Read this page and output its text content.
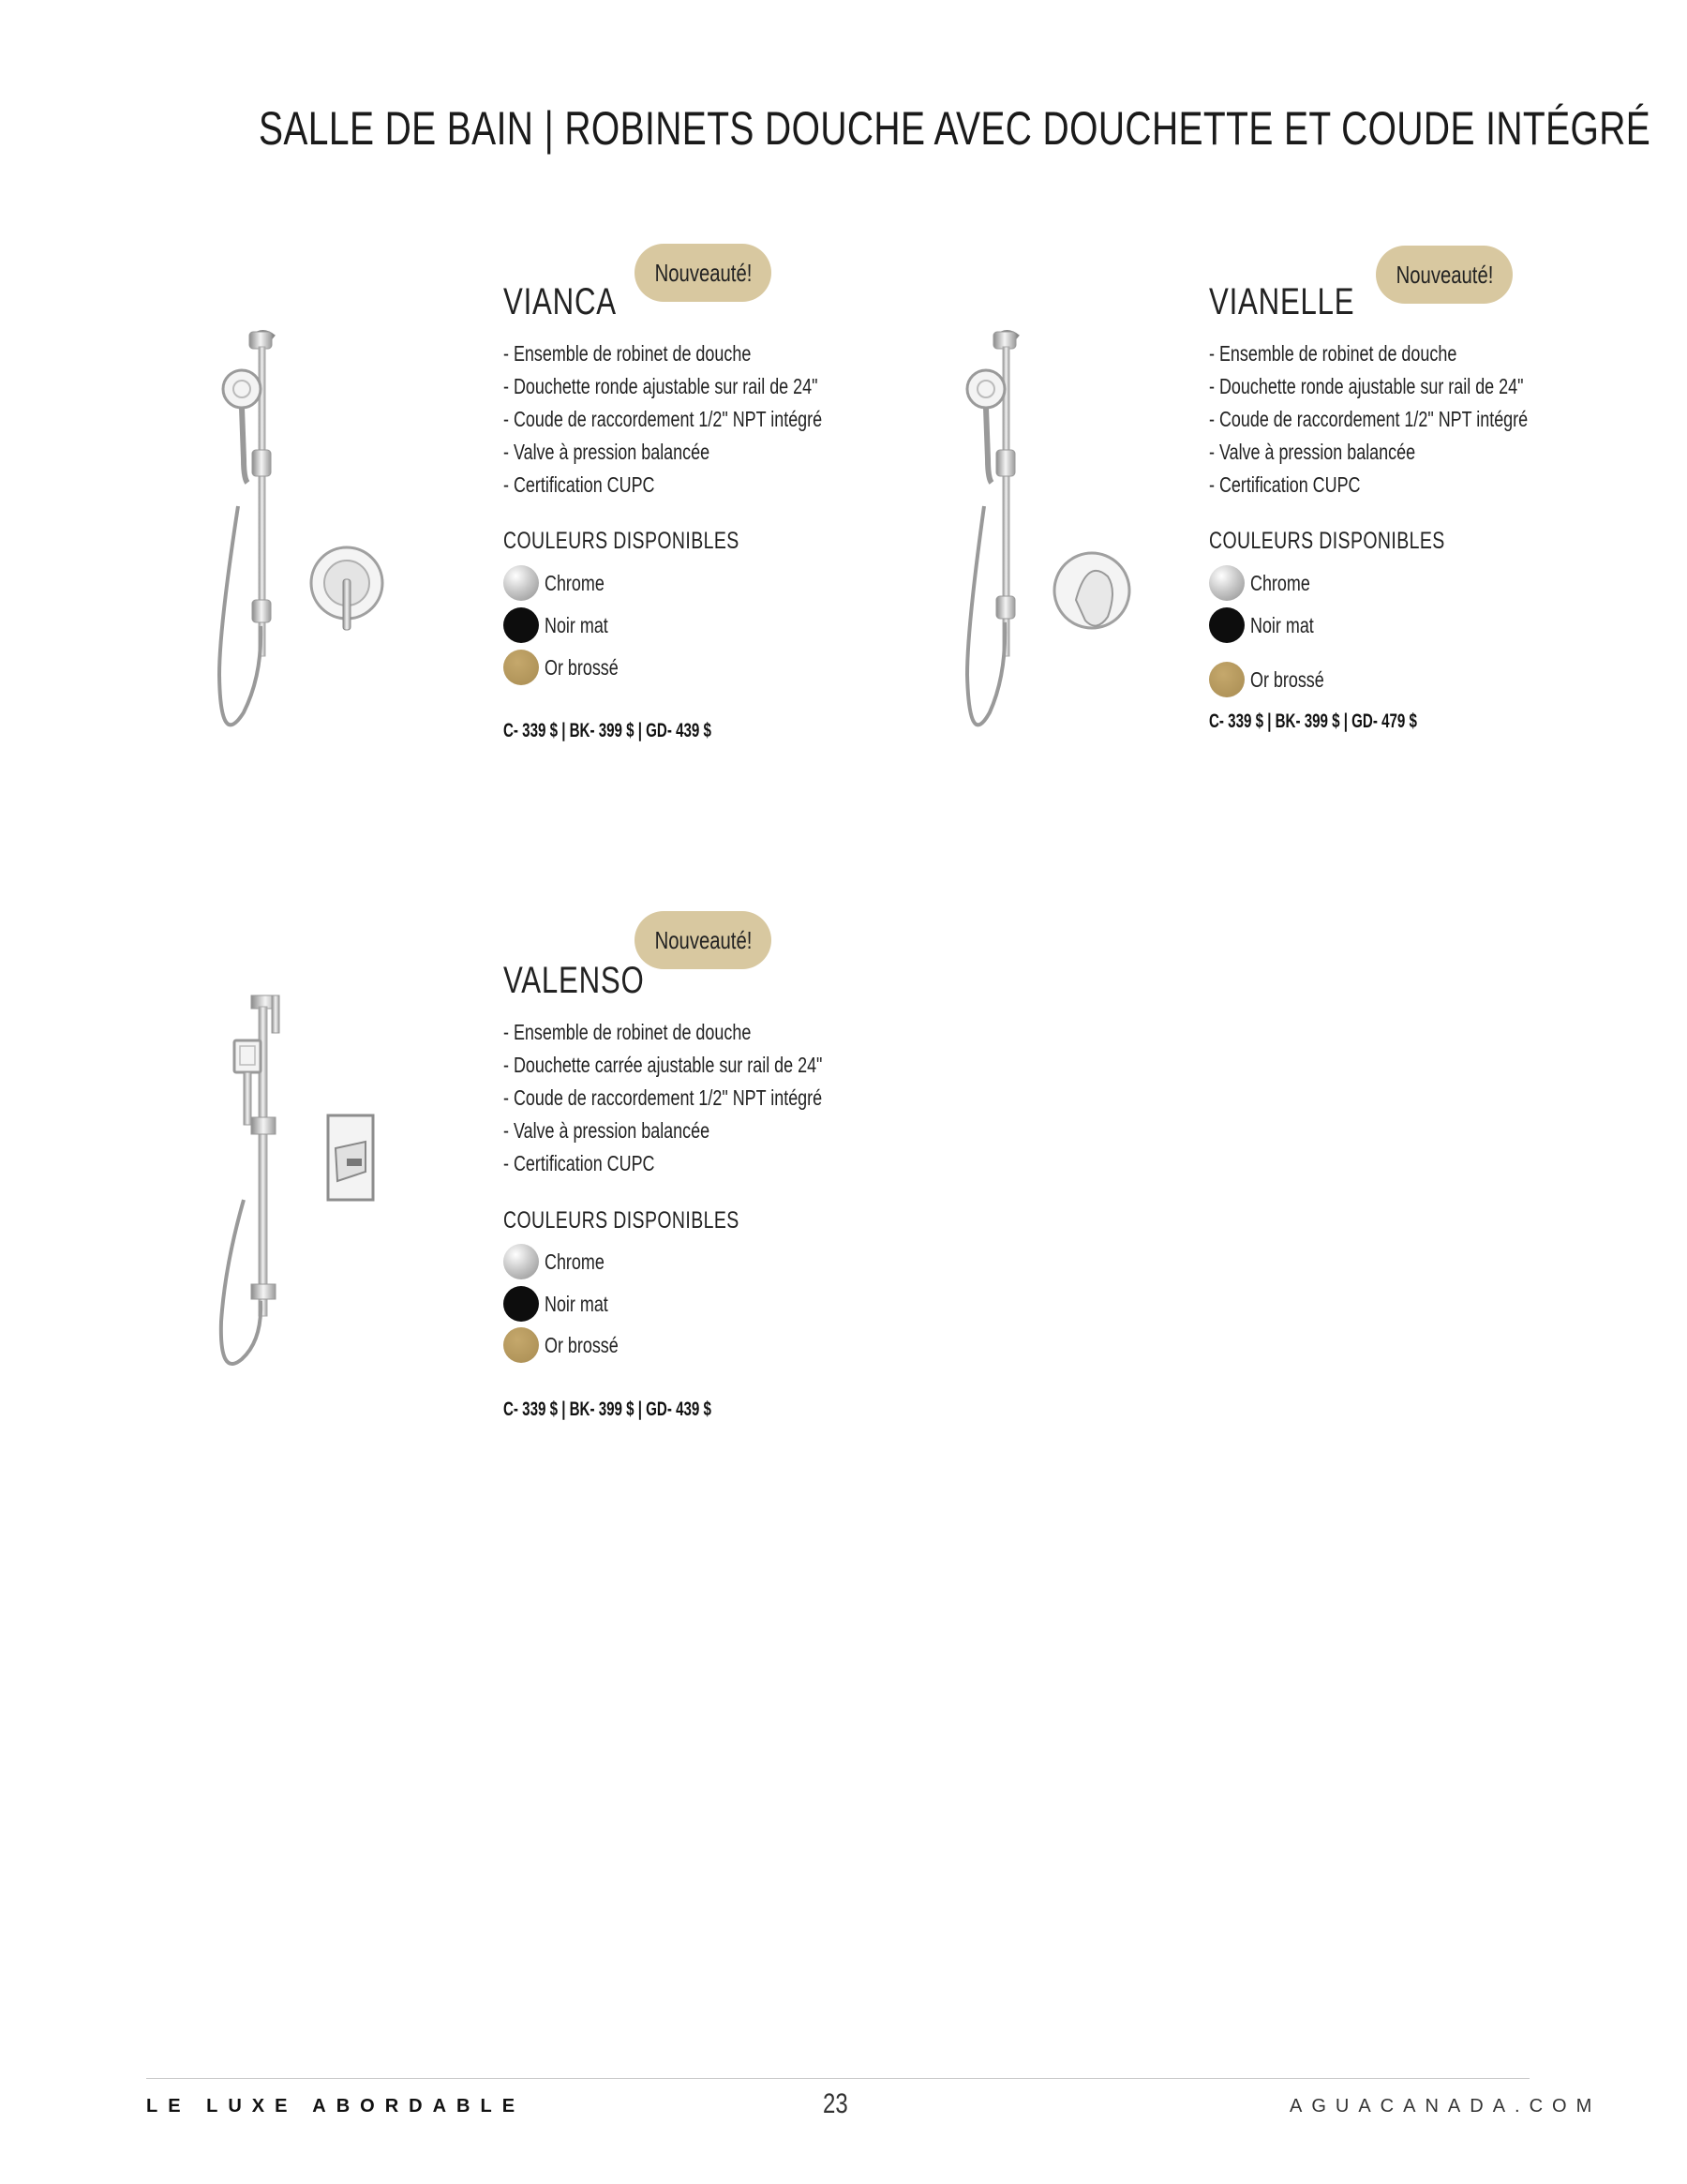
SALLE DE BAIN | ROBINETS DOUCHE AVEC DOUCHETTE ET COUDE INTÉGRÉ
Nouveauté!
VIANCA
- Ensemble de robinet de douche
- Douchette ronde ajustable sur rail de 24"
- Coude de raccordement 1/2" NPT intégré
- Valve à pression balancée
- Certification CUPC
COULEURS DISPONIBLES
Chrome
Noir mat
Or brossé
C- 339 $ | BK- 399 $ | GD- 439 $
Nouveauté!
VIANELLE
- Ensemble de robinet de douche
- Douchette ronde ajustable sur rail de 24"
- Coude de raccordement 1/2" NPT intégré
- Valve à pression balancée
- Certification CUPC
COULEURS DISPONIBLES
Chrome
Noir mat
Or brossé
C- 339 $ | BK- 399 $ | GD- 479 $
Nouveauté!
VALENSO
- Ensemble de robinet de douche
- Douchette carrée ajustable sur rail de 24"
- Coude de raccordement 1/2" NPT intégré
- Valve à pression balancée
- Certification CUPC
COULEURS DISPONIBLES
Chrome
Noir mat
Or brossé
C- 339 $ | BK- 399 $ | GD- 439 $
LE LUXE ABORDABLE	23	AGUACANADA.COM
